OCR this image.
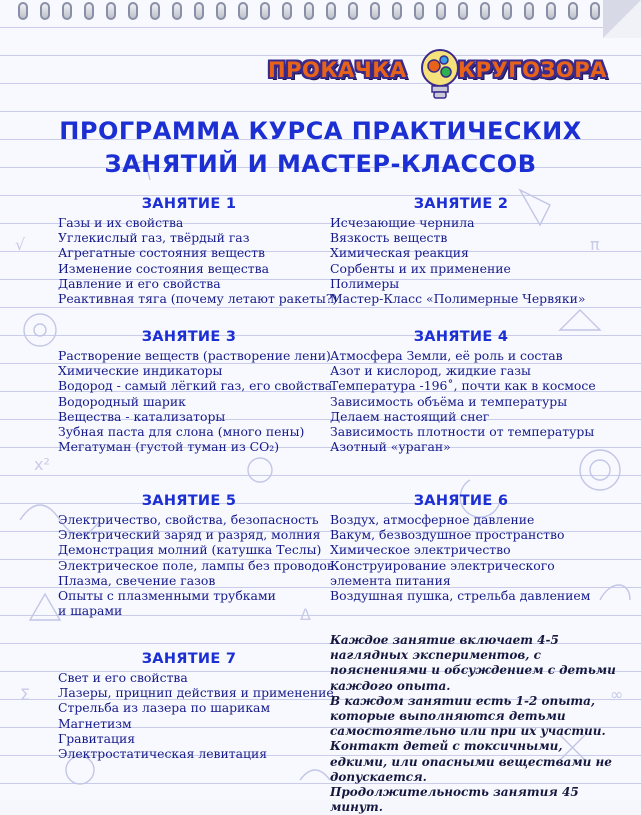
x²
π
Σ	∞
Δ
√
ПРОКАЧКА КРУГОЗОРА
ПРОГРАММА КУРСА ПРАКТИЧЕСКИХ
ЗАНЯТИЙ И МАСТЕР-КЛАССОВ
ЗАНЯТИЕ 1
Газы и их свойства
Углекислый газ, твёрдый газ
Агрегатные состояния веществ
Изменение состояния вещества
Давление и его свойства
Реактивная тяга (почему летают ракеты?)
ЗАНЯТИЕ 2
Исчезающие чернила
Вязкость веществ
Химическая реакция
Сорбенты и их применение
Полимеры
Мастер-Класс «Полимерные Червяки»
ЗАНЯТИЕ 3
Растворение веществ (растворение лени)
Химические индикаторы
Водород - самый лёгкий газ, его свойства
Водородный шарик
Вещества - катализаторы
Зубная паста для слона (много пены)
Мегатуман (густой туман из CO₂)
ЗАНЯТИЕ 4
Атмосфера Земли, её роль и состав
Азот и кислород, жидкие газы
Температура -196˚, почти как в космосе
Зависимость объёма и температуры
Делаем настоящий снег
Зависимость плотности от температуры
Азотный «ураган»
ЗАНЯТИЕ 5
Электричество, свойства, безопасность
Электрический заряд и разряд, молния
Демонстрация молний (катушка Теслы)
Электрическое поле, лампы без проводов
Плазма, свечение газов
Опыты с плазменными трубками и шарами
ЗАНЯТИЕ 6
Воздух, атмосферное давление
Вакум, безвоздушное пространство
Химическое электричество
Конструирование электрического элемента питания
Воздушная пушка, стрельба давлением
ЗАНЯТИЕ 7
Свет и его свойства
Лазеры, прицнип действия и применение
Стрельба из лазера по шарикам
Магнетизм
Гравитация
Электростатическая левитация

Каждое занятие включает 4-5 наглядных экспериментов, с пояснениями и обсуждением с детьми каждого опыта.

В каждом занятии есть 1-2 опыта, которые выполняются детьми самостоятельно или при их участии.

Контакт детей с токсичными, едкими, или опасными веществами не допускается.

Продолжительность занятия 45 минут.
